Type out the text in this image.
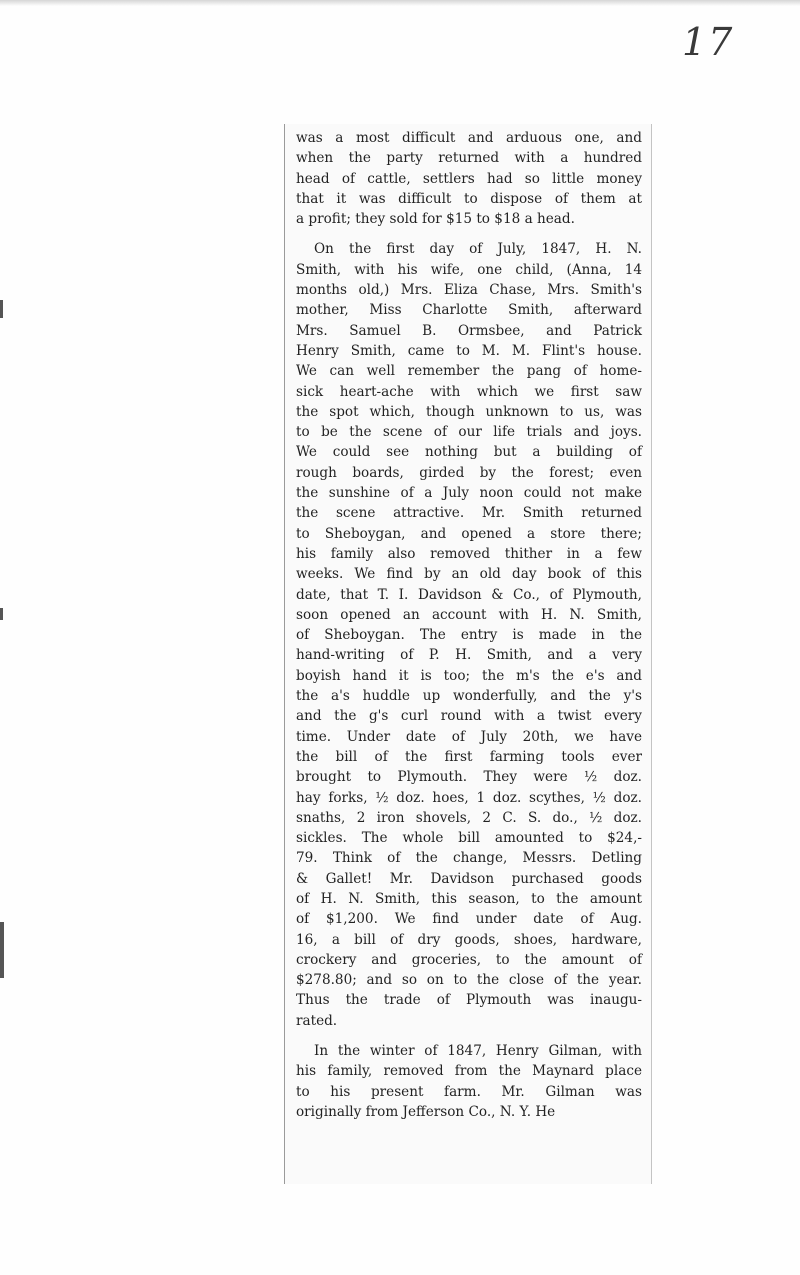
17
was a most difficult and arduous one, and
when the party returned with a hundred
head of cattle, settlers had so little money
that it was difficult to dispose of them at
a profit; they sold for $15 to $18 a head.
On the first day of July, 1847, H. N.
Smith, with his wife, one child, (Anna, 14
months old,) Mrs. Eliza Chase, Mrs. Smith's
mother, Miss Charlotte Smith, afterward
Mrs. Samuel B. Ormsbee, and Patrick
Henry Smith, came to M. M. Flint's house.
We can well remember the pang of home-
sick heart-ache with which we first saw
the spot which, though unknown to us, was
to be the scene of our life trials and joys.
We could see nothing but a building of
rough boards, girded by the forest; even
the sunshine of a July noon could not make
the scene attractive. Mr. Smith returned
to Sheboygan, and opened a store there;
his family also removed thither in a few
weeks. We find by an old day book of this
date, that T. I. Davidson & Co., of Plymouth,
soon opened an account with H. N. Smith,
of Sheboygan. The entry is made in the
hand-writing of P. H. Smith, and a very
boyish hand it is too; the m's the e's and
the a's huddle up wonderfully, and the y's
and the g's curl round with a twist every
time. Under date of July 20th, we have
the bill of the first farming tools ever
brought to Plymouth. They were ½ doz.
hay forks, ½ doz. hoes, 1 doz. scythes, ½ doz.
snaths, 2 iron shovels, 2 C. S. do., ½ doz.
sickles. The whole bill amounted to $24,-
79. Think of the change, Messrs. Detling
& Gallet! Mr. Davidson purchased goods
of H. N. Smith, this season, to the amount
of $1,200. We find under date of Aug.
16, a bill of dry goods, shoes, hardware,
crockery and groceries, to the amount of
$278.80; and so on to the close of the year.
Thus the trade of Plymouth was inaugu-
rated.
In the winter of 1847, Henry Gilman, with
his family, removed from the Maynard place
to his present farm. Mr. Gilman was
originally from Jefferson Co., N. Y. He
